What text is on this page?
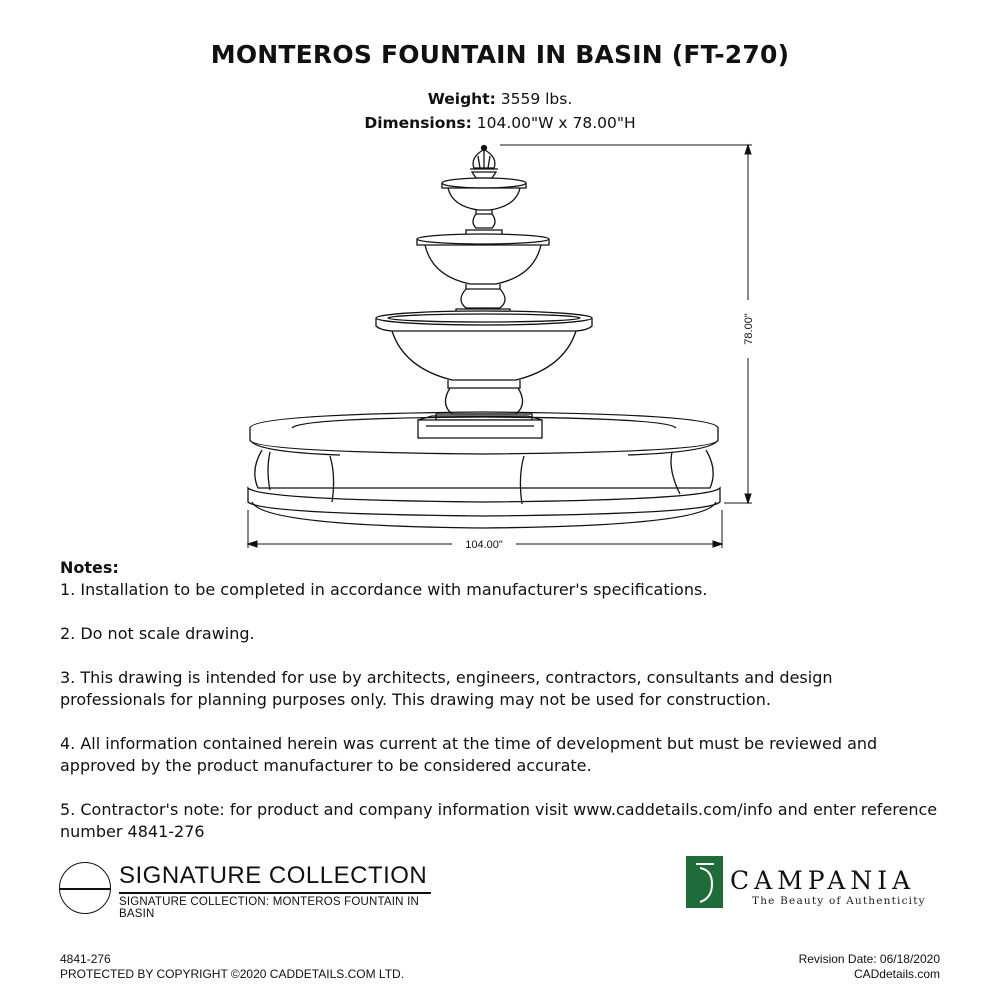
MONTEROS FOUNTAIN IN BASIN (FT-270)
Weight: 3559 lbs.
Dimensions: 104.00"W x 78.00"H
78.00"
104.00"

Notes:

1. Installation to be completed in accordance with manufacturer's specifications.

2. Do not scale drawing.

3. This drawing is intended for use by architects, engineers, contractors, consultants and design professionals for planning purposes only. This drawing may not be used for construction.

4. All information contained herein was current at the time of development but must be reviewed and approved by the product manufacturer to be considered accurate.

5. Contractor's note: for product and company information visit www.caddetails.com/info and enter reference number 4841-276

SIGNATURE COLLECTION
SIGNATURE COLLECTION: MONTEROS FOUNTAIN IN BASIN
CAMPANIA
The Beauty of Authenticity
4841-276
PROTECTED BY COPYRIGHT ©2020 CADDETAILS.COM LTD.
Revision Date: 06/18/2020
CADdetails.com
